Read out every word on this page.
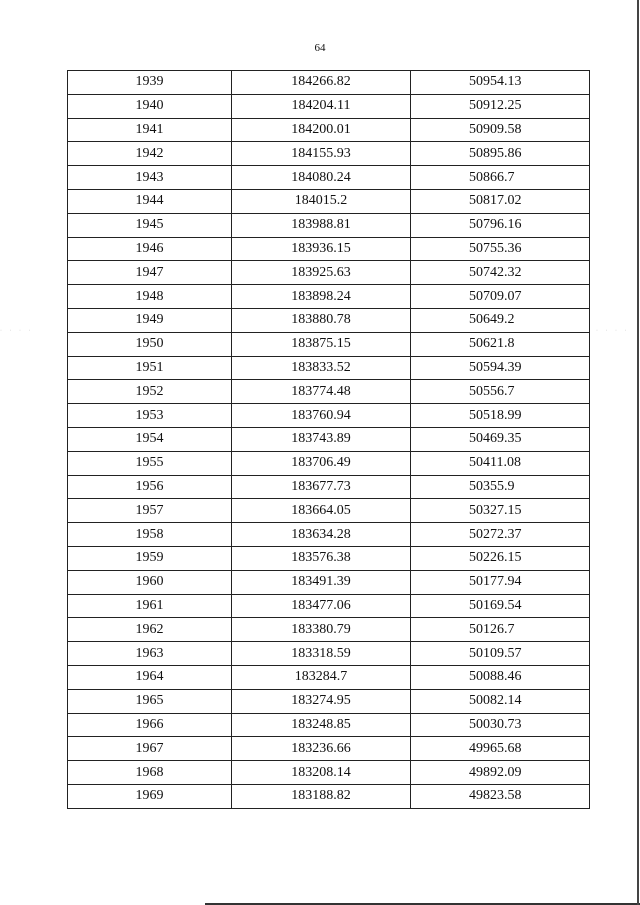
64
· · · ·	· · · ·
1939	184266.82	50954.13
1940	184204.11	50912.25
1941	184200.01	50909.58
1942	184155.93	50895.86
1943	184080.24	50866.7
1944	184015.2	50817.02
1945	183988.81	50796.16
1946	183936.15	50755.36
1947	183925.63	50742.32
1948	183898.24	50709.07
1949	183880.78	50649.2
1950	183875.15	50621.8
1951	183833.52	50594.39
1952	183774.48	50556.7
1953	183760.94	50518.99
1954	183743.89	50469.35
1955	183706.49	50411.08
1956	183677.73	50355.9
1957	183664.05	50327.15
1958	183634.28	50272.37
1959	183576.38	50226.15
1960	183491.39	50177.94
1961	183477.06	50169.54
1962	183380.79	50126.7
1963	183318.59	50109.57
1964	183284.7	50088.46
1965	183274.95	50082.14
1966	183248.85	50030.73
1967	183236.66	49965.68
1968	183208.14	49892.09
1969	183188.82	49823.58
